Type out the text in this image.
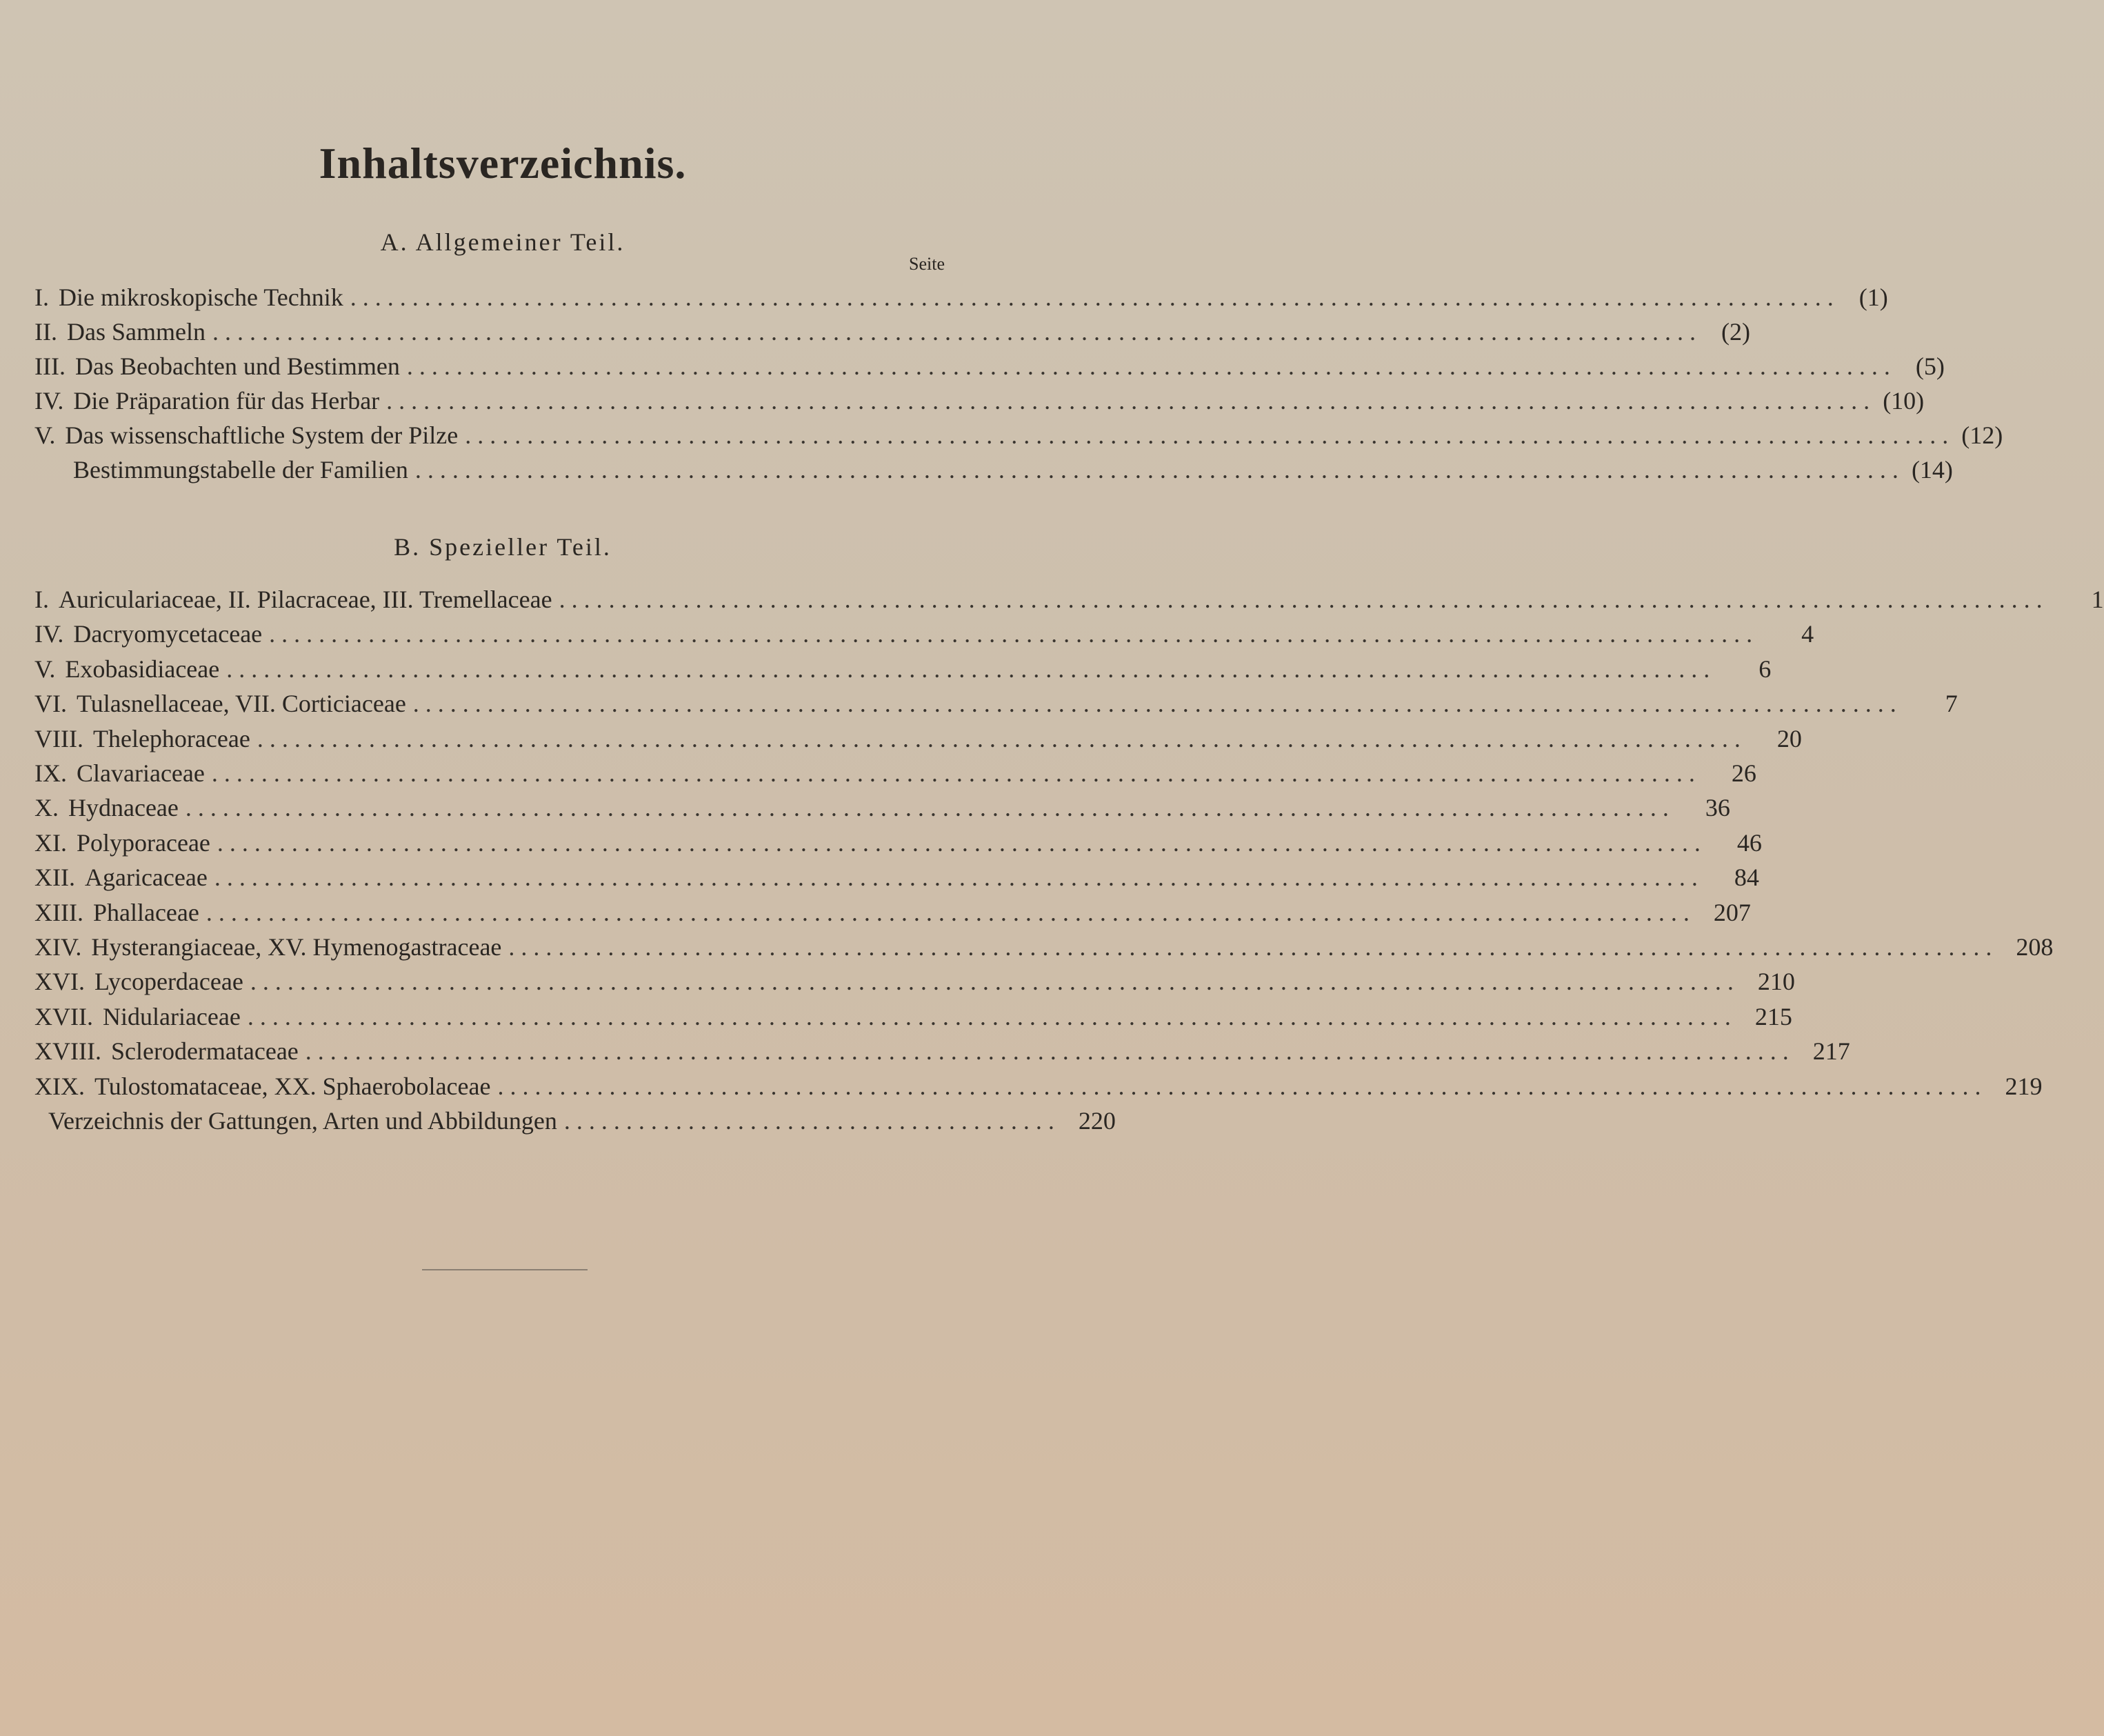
Inhaltsverzeichnis.
A. Allgemeiner Teil.
Seite
I. Die mikroskopische Technik ........................................................................................................................ (1)
II. Das Sammeln ........................................................................................................................ (2)
III. Das Beobachten und Bestimmen ........................................................................................................................ (5)
IV. Die Präparation für das Herbar ........................................................................................................................ (10)
V. Das wissenschaftliche System der Pilze ........................................................................................................................ (12)
Bestimmungstabelle der Familien ........................................................................................................................ (14)
B. Spezieller Teil.
I. Auriculariaceae, II. Pilacraceae, III. Tremellaceae ........................................................................................................................	1
IV. Dacryomycetaceae ........................................................................................................................	4
V. Exobasidiaceae ........................................................................................................................	6
VI. Tulasnellaceae, VII. Corticiaceae ........................................................................................................................	7
VIII. Thelephoraceae ........................................................................................................................	20
IX. Clavariaceae ........................................................................................................................	26
X. Hydnaceae ........................................................................................................................	36
XI. Polyporaceae ........................................................................................................................	46
XII. Agaricaceae ........................................................................................................................	84
XIII. Phallaceae ........................................................................................................................ 207
XIV. Hysterangiaceae, XV. Hymenogastraceae ........................................................................................................................ 208
XVI. Lycoperdaceae ........................................................................................................................ 210
XVII. Nidulariaceae ........................................................................................................................ 215
XVIII. Sclerodermataceae ........................................................................................................................ 217
XIX. Tulostomataceae, XX. Sphaerobolaceae ........................................................................................................................ 219
Verzeichnis der Gattungen, Arten und Abbildungen ........................................ 220
